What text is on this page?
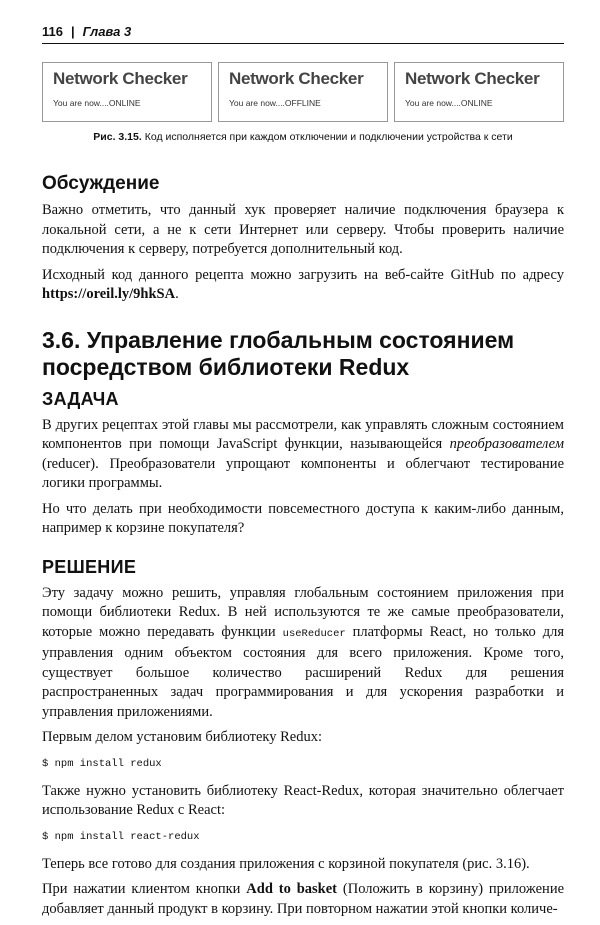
116 | Глава 3
Network Checker
You are now....ONLINE
Network Checker
You are now....OFFLINE
Network Checker
You are now....ONLINE
Рис. 3.15. Код исполняется при каждом отключении и подключении устройства к сети
Обсуждение

Важно отметить, что данный хук проверяет наличие подключения браузера к локальной сети, а не к сети Интернет или серверу. Чтобы проверить наличие подключения к серверу, потребуется дополнительный код.

Исходный код данного рецепта можно загрузить на веб-сайте GitHub по адресу https://oreil.ly/9hkSA.

3.6. Управление глобальным состоянием посредством библиотеки Redux
ЗАДАЧА

В других рецептах этой главы мы рассмотрели, как управлять сложным состоянием компонентов при помощи JavaScript функции, называющейся преобразователем (reducer). Преобразователи упрощают компоненты и облегчают тестирование логики программы.

Но что делать при необходимости повсеместного доступа к каким-либо данным, например к корзине покупателя?

РЕШЕНИЕ

Эту задачу можно решить, управляя глобальным состоянием приложения при помощи библиотеки Redux. В ней используются те же самые преобразователи, которые можно передавать функции useReducer платформы React, но только для управления одним объектом состояния для всего приложения. Кроме того, существует большое количество расширений Redux для решения распространенных задач программирования и для ускорения разработки и управления приложениями.

Первым делом установим библиотеку Redux:

$ npm install redux

Также нужно установить библиотеку React-Redux, которая значительно облегчает использование Redux с React:

$ npm install react-redux

Теперь все готово для создания приложения с корзиной покупателя (рис. 3.16).

При нажатии клиентом кнопки Add to basket (Положить в корзину) приложение добавляет данный продукт в корзину. При повторном нажатии этой кнопки количе-
